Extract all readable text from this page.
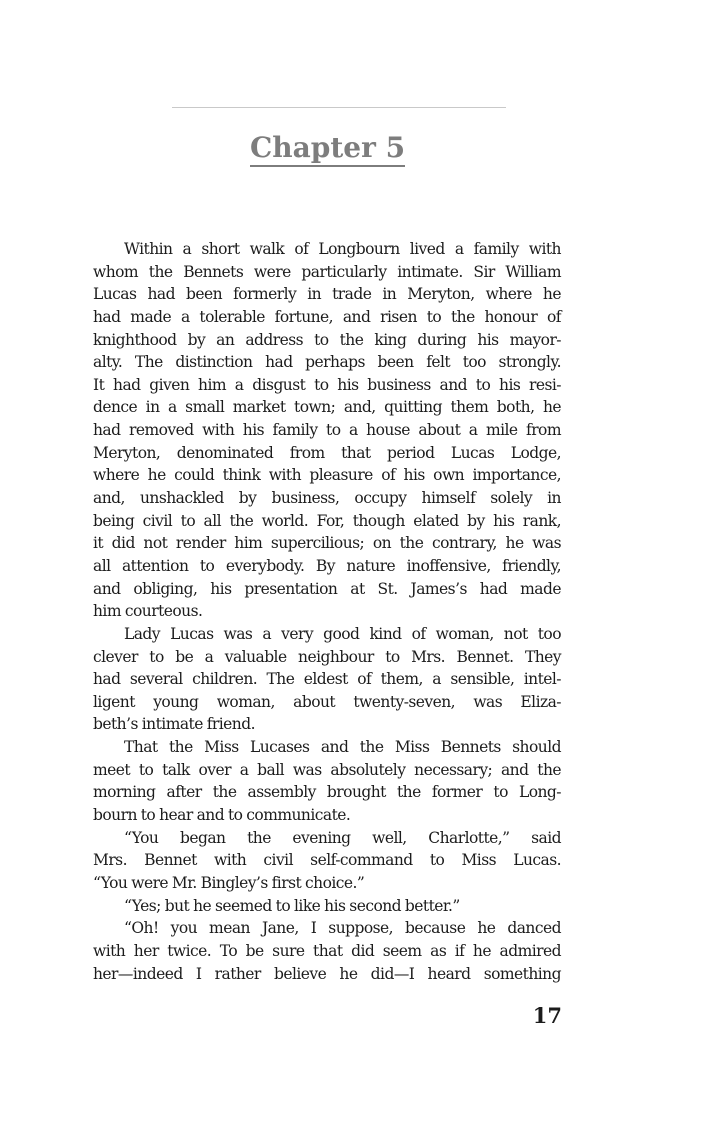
Chapter 5
Within a short walk of Longbourn lived a family with
whom the Bennets were particularly intimate. Sir William
Lucas had been formerly in trade in Meryton, where he
had made a tolerable fortune, and risen to the honour of
knighthood by an address to the king during his mayor-
alty. The distinction had perhaps been felt too strongly.
It had given him a disgust to his business and to his resi-
dence in a small market town; and, quitting them both, he
had removed with his family to a house about a mile from
Meryton, denominated from that period Lucas Lodge,
where he could think with pleasure of his own importance,
and, unshackled by business, occupy himself solely in
being civil to all the world. For, though elated by his rank,
it did not render him supercilious; on the contrary, he was
all attention to everybody. By nature inoffensive, friendly,
and obliging, his presentation at St. James’s had made
him courteous.
Lady Lucas was a very good kind of woman, not too
clever to be a valuable neighbour to Mrs. Bennet. They
had several children. The eldest of them, a sensible, intel-
ligent young woman, about twenty-seven, was Eliza-
beth’s intimate friend.
That the Miss Lucases and the Miss Bennets should
meet to talk over a ball was absolutely necessary; and the
morning after the assembly brought the former to Long-
bourn to hear and to communicate.
“You began the evening well, Charlotte,” said
Mrs. Bennet with civil self-command to Miss Lucas.
“You were Mr. Bingley’s first choice.”
“Yes; but he seemed to like his second better.”
“Oh! you mean Jane, I suppose, because he danced
with her twice. To be sure that did seem as if he admired
her—indeed I rather believe he did—I heard something
17
